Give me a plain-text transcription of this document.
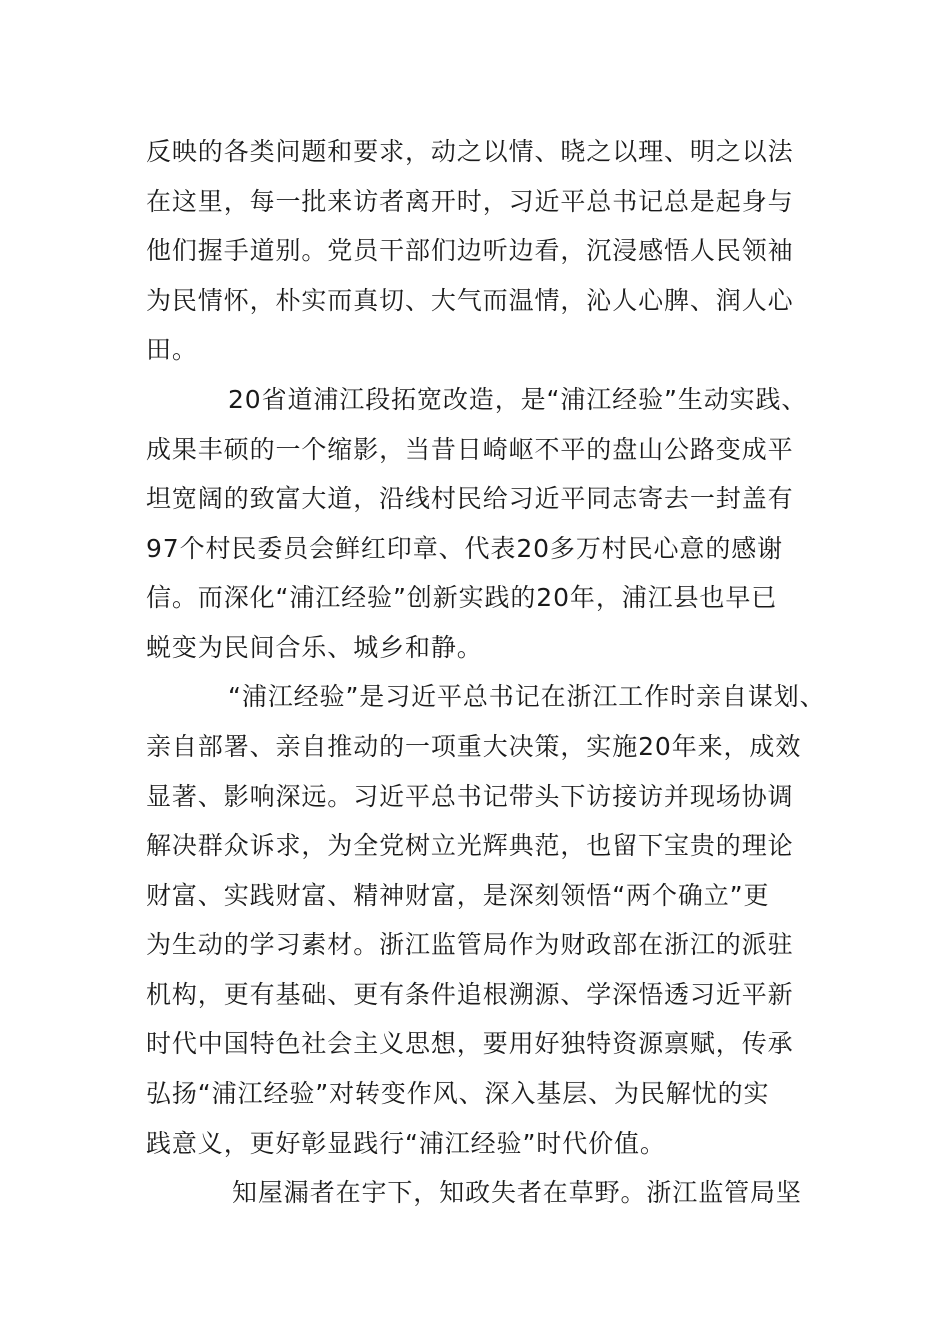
反映的各类问题和要求，动之以情、晓之以理、明之以法
在这里，每一批来访者离开时，习近平总书记总是起身与
他们握手道别。党员干部们边听边看，沉浸感悟人民领袖
为民情怀，朴实而真切、大气而温情，沁人心脾、润人心
田。
20省道浦江段拓宽改造，是“浦江经验”生动实践、
成果丰硕的一个缩影，当昔日崎岖不平的盘山公路变成平
坦宽阔的致富大道，沿线村民给习近平同志寄去一封盖有
97个村民委员会鲜红印章、代表20多万村民心意的感谢
信。而深化“浦江经验”创新实践的20年，浦江县也早已
蜕变为民间合乐、城乡和静。
“浦江经验”是习近平总书记在浙江工作时亲自谋划、
亲自部署、亲自推动的一项重大决策，实施20年来，成效
显著、影响深远。习近平总书记带头下访接访并现场协调
解决群众诉求，为全党树立光辉典范，也留下宝贵的理论
财富、实践财富、精神财富，是深刻领悟“两个确立”更
为生动的学习素材。浙江监管局作为财政部在浙江的派驻
机构，更有基础、更有条件追根溯源、学深悟透习近平新
时代中国特色社会主义思想，要用好独特资源禀赋，传承
弘扬“浦江经验”对转变作风、深入基层、为民解忧的实
践意义，更好彰显践行“浦江经验”时代价值。
知屋漏者在宇下，知政失者在草野。浙江监管局坚
